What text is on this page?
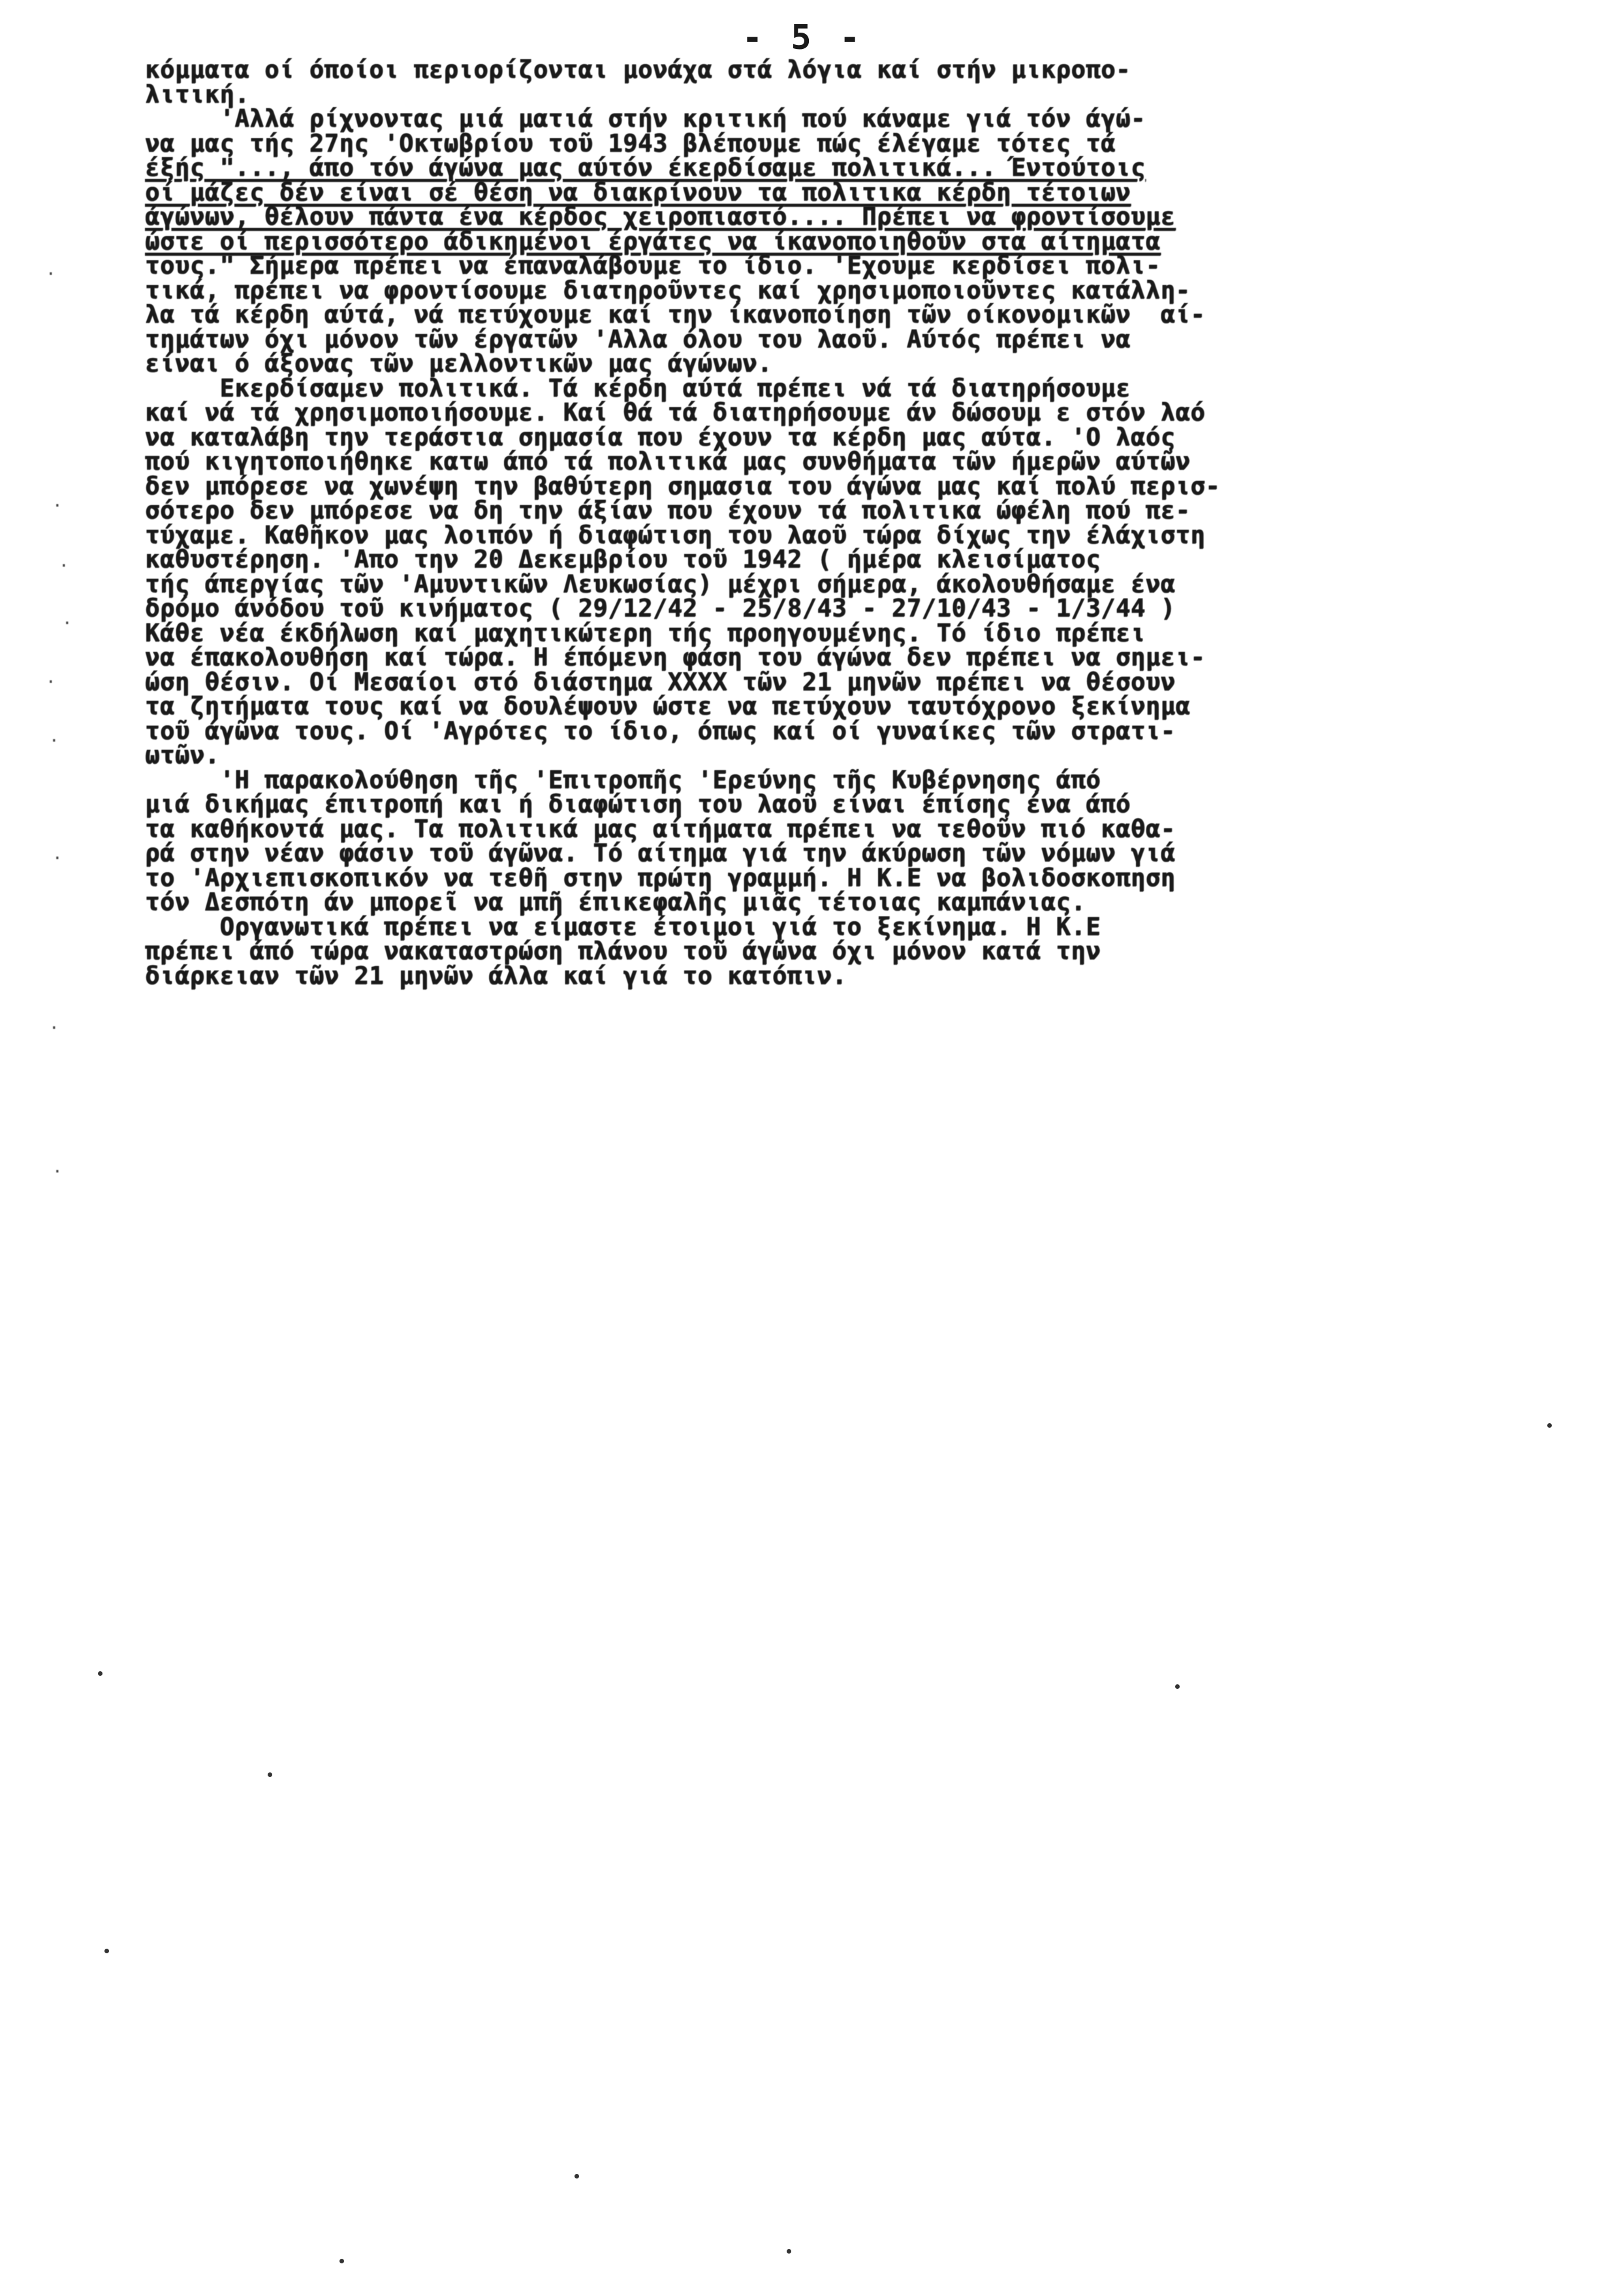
- 5 -
κόμματα οί όποίοι περιορίζονται μονάχα στά λόγια καί στήν μικροπο-
λιτική.
'Αλλά ρίχνοντας μιά ματιά στήν κριτική πού κάναμε γιά τόν άγώ-
να μας τής 27ης 'Οκτωβρίου τοῦ 1943 βλέπουμε πώς έλέγαμε τότες τά
έξής "..., άπο τόν άγώνα μας αύτόν έκερδίσαμε πολιτικά... Έντούτοις
οί μάζες δέν είναι σέ θέση να διακρίνουν τα πολιτικα κέρδη τέτοιων
άγώνων, θέλουν πάντα ένα κέρδος χειροπιαστό.... Πρέπει να φροντίσουμε
ώστε οί περισσότερο άδικημένοι έργάτες να ίκανοποιηθοῦν στα αίτηματα
τους." Σήμερα πρέπει να έπαναλάβουμε το ίδιο. 'Εχουμε κερδίσει πολι-
τικά, πρέπει να φροντίσουμε διατηροῦντες καί χρησιμοποιοῦντες κατάλλη-
λα τά κέρδη αύτά, νά πετύχουμε καί την ίκανοποίηση τῶν οίκονομικῶν  αί-
τημάτων όχι μόνον τῶν έργατῶν 'Αλλα όλου του λαοῦ. Αύτός πρέπει να
είναι ό άξονας τῶν μελλοντικῶν μας άγώνων.
Εκερδίσαμεν πολιτικά. Τά κέρδη αύτά πρέπει νά τά διατηρήσουμε
καί νά τά χρησιμοποιήσουμε. Καί θά τά διατηρήσουμε άν δώσουμ ε στόν λαό
να καταλάβη την τεράστια σημασία που έχουν τα κέρδη μας αύτα. 'Ο λαός
πού κιγητοποιήθηκε κατω άπό τά πολιτικά μας συνθήματα τῶν ήμερῶν αύτῶν
δεν μπόρεσε να χωνέψη την βαθύτερη σημασια του άγώνα μας καί πολύ περισ-
σότερο δεν μπόρεσε να δη την άξίαν που έχουν τά πολιτικα ώφέλη πού πε-
τύχαμε. Καθῆκον μας λοιπόν ή διαφώτιση του λαοῦ τώρα δίχως την έλάχιστη
καθυστέρηση. 'Απο την 20 Δεκεμβρίου τοῦ 1942 ( ήμέρα κλεισίματος
τής άπεργίας τῶν 'Αμυντικῶν Λευκωσίας) μέχρι σήμερα, άκολουθήσαμε ένα
δρόμο άνόδου τοῦ κινήματος ( 29/12/42 - 25/8/43 - 27/10/43 - 1/3/44 )
Κάθε νέα έκδήλωση καί μαχητικώτερη τής προηγουμένης. Τό ίδιο πρέπει
να έπακολουθήση καί τώρα. Η έπόμενη φάση του άγώνα δεν πρέπει να σημει-
ώση θέσιν. Οί Μεσαίοι στό διάστημα XXXX τῶν 21 μηνῶν πρέπει να θέσουν
τα ζητήματα τους καί να δουλέψουν ώστε να πετύχουν ταυτόχρονο ξεκίνημα
τοῦ άγῶνα τους. Οί 'Αγρότες το ίδιο, όπως καί οί γυναίκες τῶν στρατι-
ωτῶν.
'Η παρακολούθηση τῆς 'Επιτροπῆς 'Ερεύνης τῆς Κυβέρνησης άπό
μιά δικήμας έπιτροπή και ή διαφώτιση του λαοῦ είναι έπίσης ένα άπό
τα καθήκοντά μας. Τα πολιτικά μας αίτήματα πρέπει να τεθοῦν πιό καθα-
ρά στην νέαν φάσιν τοῦ άγῶνα. Τό αίτημα γιά την άκύρωση τῶν νόμων γιά
το 'Αρχιεπισκοπικόν να τεθῆ στην πρώτη γραμμή. Η Κ.Ε να βολιδοσκοπηση
τόν Δεσπότη άν μπορεῖ να μπῆ έπικεφαλῆς μιᾶς τέτοιας καμπάνιας.
Οργανωτικά πρέπει να είμαστε έτοιμοι γιά το ξεκίνημα. Η Κ.Ε
πρέπει άπό τώρα νακαταστρώση πλάνου τοῦ άγῶνα όχι μόνον κατά την
διάρκειαν τῶν 21 μηνῶν άλλα καί γιά το κατόπιν.
·
·
.
·
·
·
·
·
·
